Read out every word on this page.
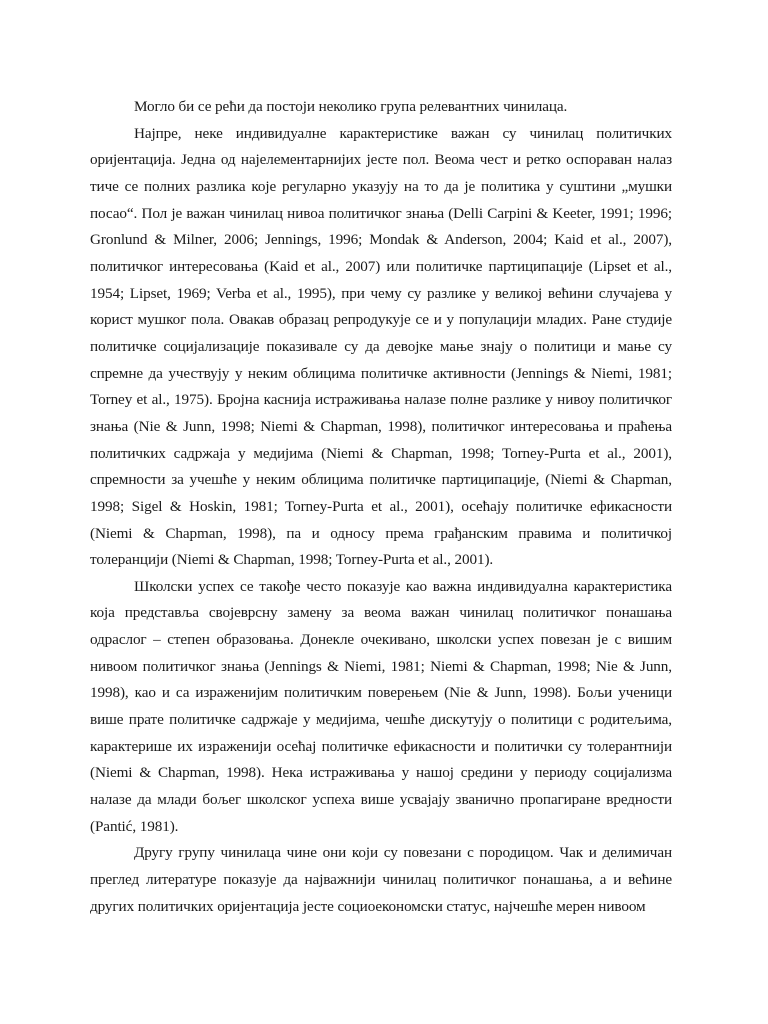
Могло би се рећи да постоји неколико група релевантних чинилаца.

Најпре, неке индивидуалне карактеристике важан су чинилац политичких оријентација. Једна од најелементарнијих јесте пол. Веома чест и ретко оспораван налаз тиче се полних разлика које регуларно указују на то да је политика у суштини „мушки посао“. Пол је важан чинилац нивоа политичког знања (Delli Carpini & Keeter, 1991; 1996; Gronlund & Milner, 2006; Jennings, 1996; Mondak & Anderson, 2004; Kaid et al., 2007), политичког интересовања (Kaid et al., 2007) или политичке партиципације (Lipset et al., 1954; Lipset, 1969; Verba et al., 1995), при чему су разлике у великој већини случајева у корист мушког пола. Овакав образац репродукује се и у популацији младих. Ране студије политичке социјализације показивале су да девојке мање знају о политици и мање су спремне да учествују у неким облицима политичке активности (Jennings & Niemi, 1981; Torney et al., 1975). Бројна каснија истраживања налазе полне разлике у нивоу политичког знања (Nie & Junn, 1998; Niemi & Chapman, 1998), политичког интересовања и праћења политичких садржаја у медијима (Niemi & Chapman, 1998; Torney-Purta et al., 2001), спремности за учешће у неким облицима политичке партиципације, (Niemi & Chapman, 1998; Sigel & Hoskin, 1981; Torney-Purta et al., 2001), осећају политичке ефикасности (Niemi & Chapman, 1998), па и односу према грађанским правима и политичкој толеранцији (Niemi & Chapman, 1998; Torney-Purta et al., 2001).

Школски успех се такође често показује као важна индивидуална карактеристика која представља својеврсну замену за веома важан чинилац политичког понашања одраслог – степен образовања. Донекле очекивано, школски успех повезан је с вишим нивоом политичког знања (Jennings & Niemi, 1981; Niemi & Chapman, 1998; Nie & Junn, 1998), као и са израженијим политичким поверењем (Nie & Junn, 1998). Бољи ученици више прате политичке садржаје у медијима, чешће дискутују о политици с родитељима, карактерише их израженији осећај политичке ефикасности и политички су толерантнији (Niemi & Chapman, 1998). Нека истраживања у нашој средини у периоду социјализма налазе да млади бољег школског успеха више усвајају званично пропагиране вредности (Pantić, 1981).

Другу групу чинилаца чине они који су повезани с породицом. Чак и делимичан преглед литературе показује да најважнији чинилац политичког понашања, а и већине других политичких оријентација јесте социоекономски статус, најчешће мерен нивоом
